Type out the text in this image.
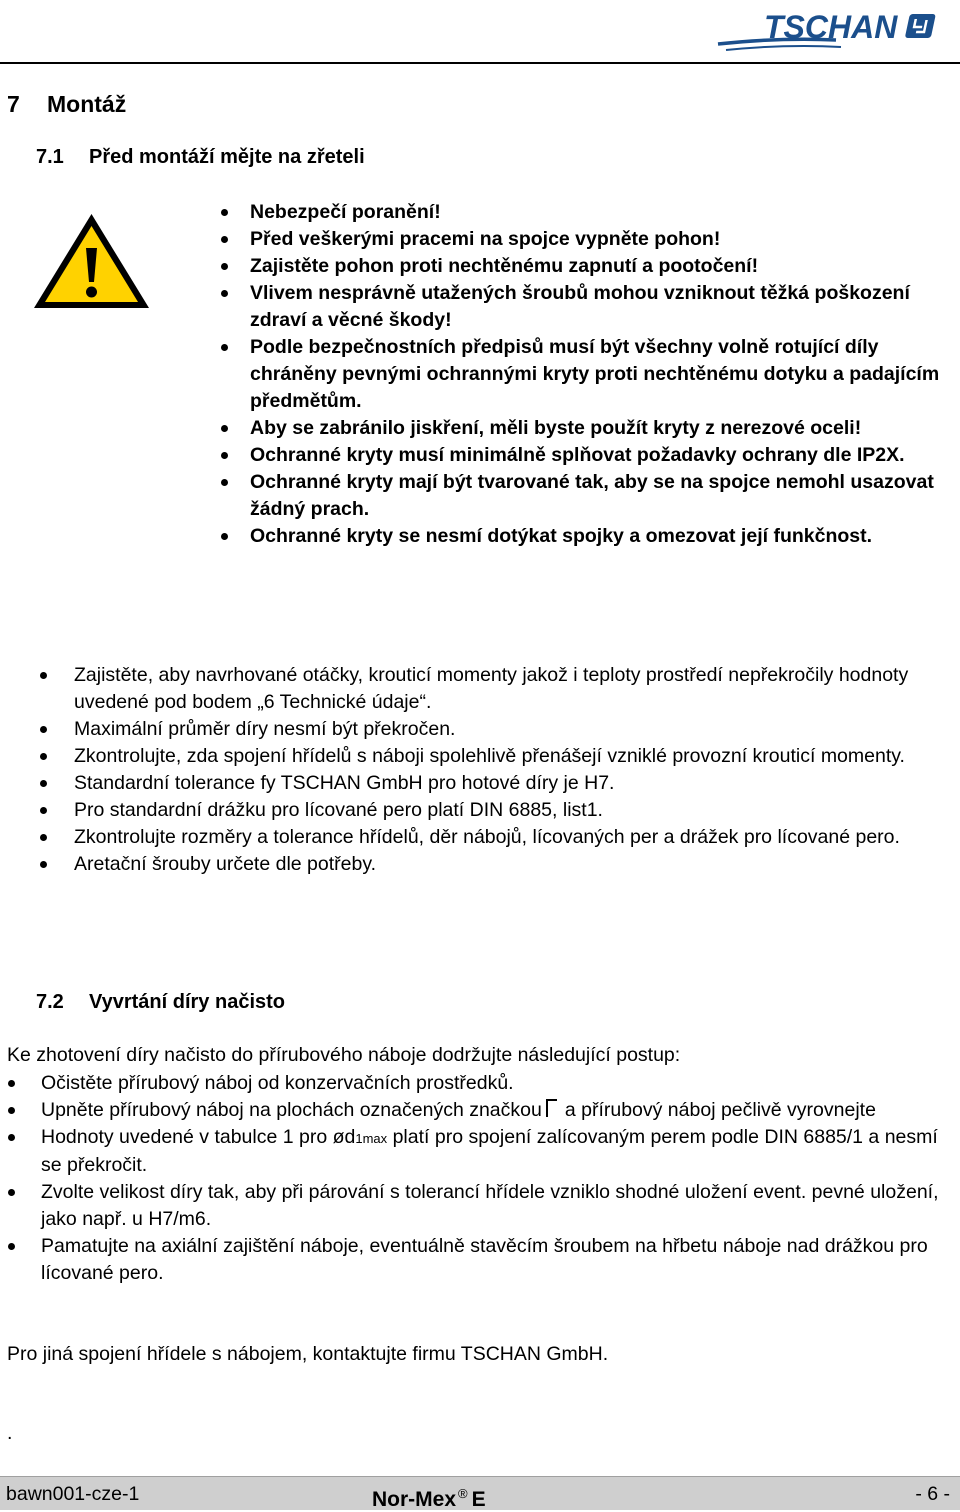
TSCHAN
7 Montáž
7.1 Před montáží mějte na zřeteli
Nebezpečí poranění!
Před veškerými pracemi na spojce vypněte pohon!
Zajistěte pohon proti nechtěnému zapnutí a pootočení!
Vlivem nesprávně utažených šroubů mohou vzniknout těžká poškození zdraví a věcné škody!
Podle bezpečnostních předpisů musí být všechny volně rotující díly chráněny pevnými ochrannými kryty proti nechtěnému dotyku a padajícím předmětům.
Aby se zabránilo jiskření, měli byste použít kryty z nerezové oceli!
Ochranné kryty musí minimálně splňovat požadavky ochrany dle IP2X.
Ochranné kryty mají být tvarované tak, aby se na spojce nemohl usazovat žádný prach.
Ochranné kryty se nesmí dotýkat spojky a omezovat její funkčnost.
Zajistěte, aby navrhované otáčky, krouticí momenty jakož i teploty prostředí nepřekročily hodnoty uvedené pod bodem „6 Technické údaje“.
Maximální průměr díry nesmí být překročen.
Zkontrolujte, zda spojení hřídelů s náboji spolehlivě přenášejí vzniklé provozní krouticí momenty.
Standardní tolerance fy TSCHAN GmbH pro hotové díry je H7.
Pro standardní drážku pro lícované pero platí DIN 6885, list1.
Zkontrolujte rozměry a tolerance hřídelů, děr nábojů, lícovaných per a drážek pro lícované pero.
Aretační šrouby určete dle potřeby.
7.2 Vyvrtání díry načisto

Ke zhotovení díry načisto do přírubového náboje dodržujte následující postup:

Očistěte přírubový náboj od konzervačních prostředků.
Upněte přírubový náboj na plochách označených značkou a přírubový náboj pečlivě vyrovnejte
Hodnoty uvedené v tabulce 1 pro ød1max platí pro spojení zalícovaným perem podle DIN 6885/1 a nesmí se překročit.
Zvolte velikost díry tak, aby při párování s tolerancí hřídele vzniklo shodné uložení event. pevné uložení, jako např. u H7/m6.
Pamatujte na axiální zajištění náboje, eventuálně stavěcím šroubem na hřbetu náboje nad drážkou pro lícované pero.

Pro jiná spojení hřídele s nábojem, kontaktujte firmu TSCHAN GmbH.

.

bawn001-cze-1	Nor-Mex ® E	- 6 -
